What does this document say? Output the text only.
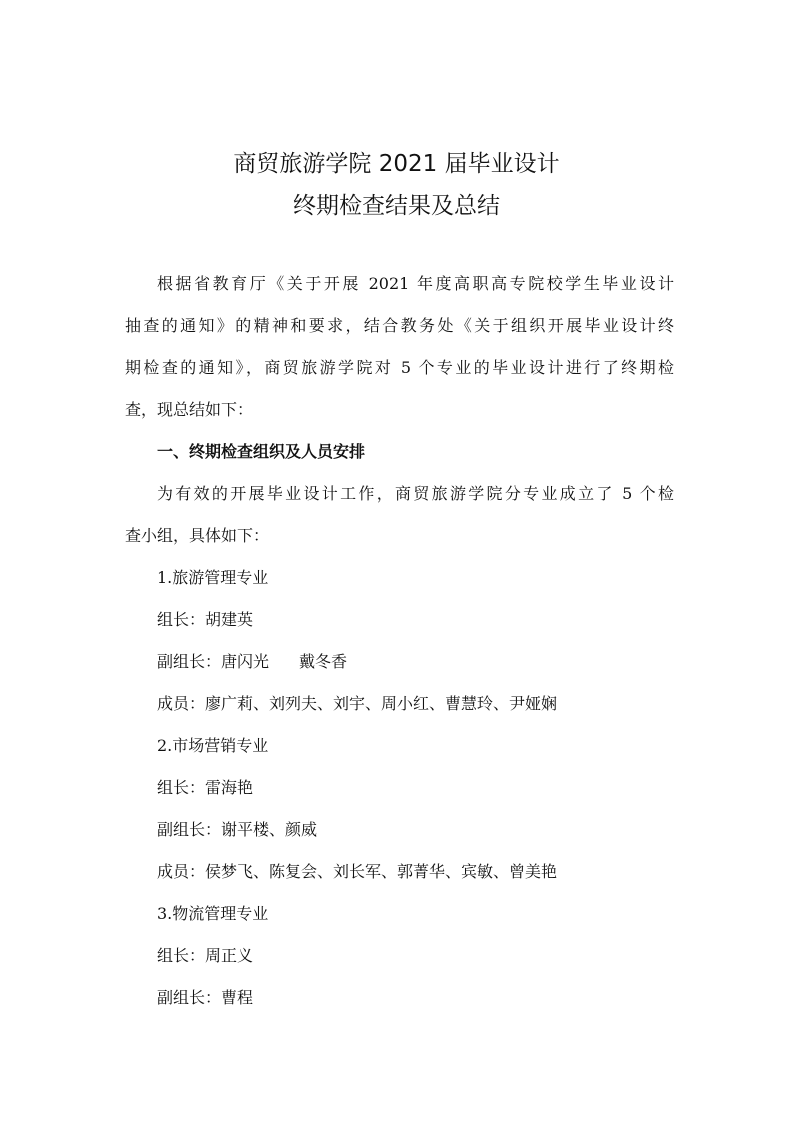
商贸旅游学院 2021 届毕业设计
终期检查结果及总结
根据省教育厅《关于开展 2021 年度高职高专院校学生毕业设计
抽查的通知》的精神和要求，结合教务处《关于组织开展毕业设计终
期检查的通知》，商贸旅游学院对 5 个专业的毕业设计进行了终期检
查，现总结如下：
一、终期检查组织及人员安排
为有效的开展毕业设计工作，商贸旅游学院分专业成立了 5 个检
查小组，具体如下：
1.旅游管理专业
组长：胡建英
副组长：唐闪光 戴冬香
成员：廖广莉、刘列夫、刘宇、周小红、曹慧玲、尹娅娴
2.市场营销专业
组长：雷海艳
副组长：谢平楼、颜威
成员：侯梦飞、陈复会、刘长军、郭菁华、宾敏、曾美艳
3.物流管理专业
组长：周正义
副组长：曹程
